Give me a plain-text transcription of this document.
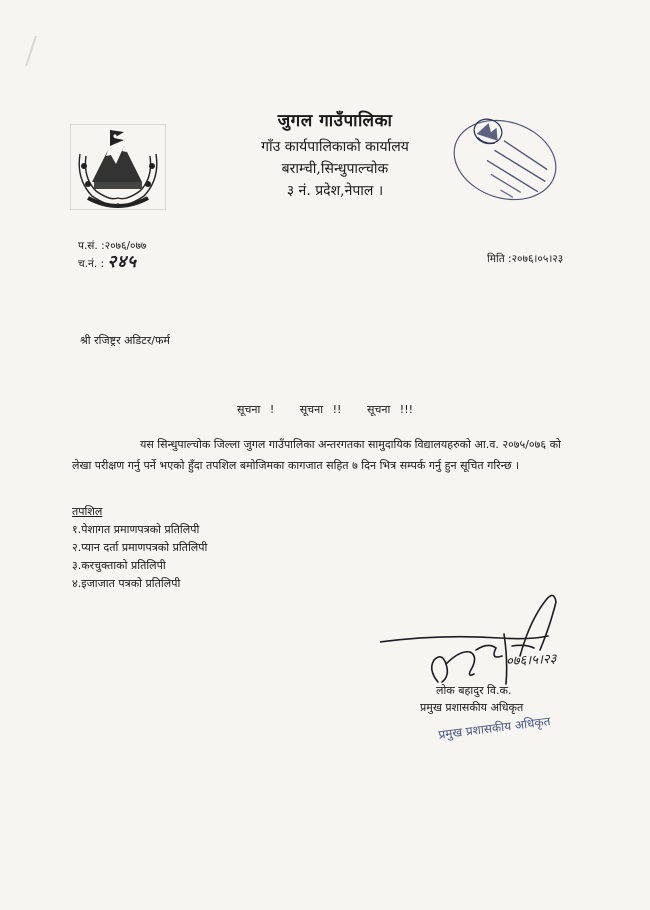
जुगल गाउँपालिका
गाँउ कार्यपालिकाको कार्यालय
बराम्ची,सिन्धुपाल्चोक
३ नं. प्रदेश,नेपाल ।
प.सं. :२०७६/०७७
च.नं. : २४५	मिति :२०७६।०५।२३
श्री रजिष्ट्रर अडिटर/फर्म
सूचना ! सूचना !! सूचना !!!
यस सिन्धुपाल्चोक जिल्ला जुगल गाउँपालिका अन्तरगतका सामुदायिक विद्यालयहरुको आ.व. २०७५/०७६ को लेखा परीक्षण गर्नु पर्ने भएको हुँदा तपशिल बमोजिमका कागजात सहित ७ दिन भित्र सम्पर्क गर्नु हुन सूचित गरिन्छ ।
तपशिल
१.पेशागत प्रमाणपत्रको प्रतिलिपी
२.प्यान दर्ता प्रमाणपत्रको प्रतिलिपी
३.करचुक्ताको प्रतिलिपी
४.इजाजात पत्रको प्रतिलिपी
०७६।५।२३
लोक बहादुर वि.क.
प्रमुख प्रशासकीय अधिकृत
प्रमुख प्रशासकीय अधिकृत
